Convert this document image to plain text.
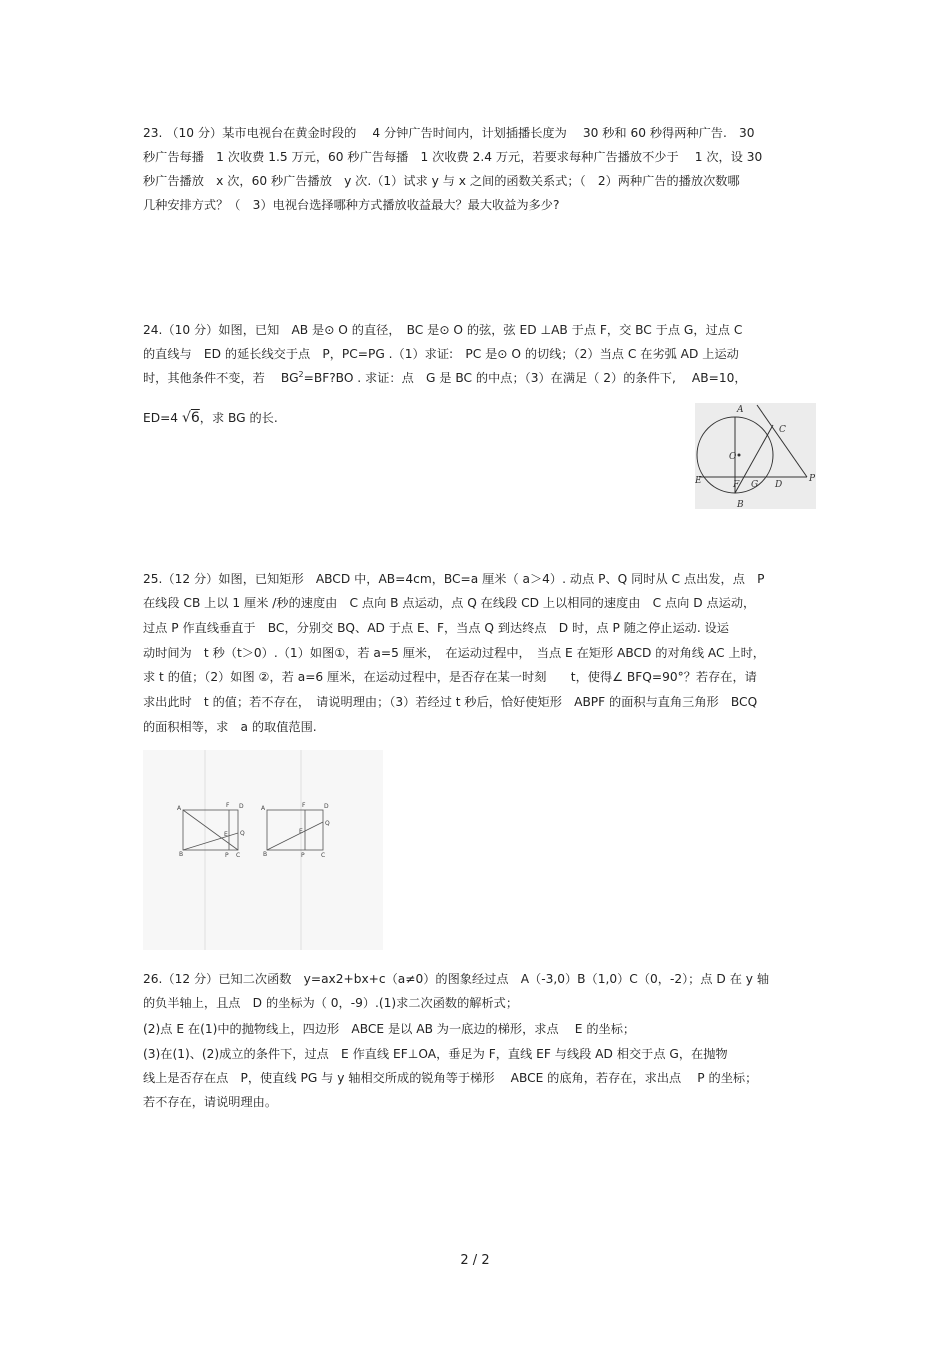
23. （10 分）某市电视台在黄金时段的　 4 分钟广告时间内，计划插播长度为　 30 秒和 60 秒得两种广告.　30
秒广告每播　1 次收费 1.5 万元，60 秒广告每播　1 次收费 2.4 万元，若要求每种广告播放不少于　 1 次，设 30
秒广告播放　x 次，60 秒广告播放　y 次.（1）试求 y 与 x 之间的函数关系式；（　2）两种广告的播放次数哪
几种安排方式？（　3）电视台选择哪种方式播放收益最大？最大收益为多少?
24.（10 分）如图，已知　AB 是⊙ O 的直径，　BC 是⊙ O 的弦，弦 ED ⊥AB 于点 F，交 BC 于点 G，过点 C
的直线与　ED 的延长线交于点　P，PC=PG .（1）求证:　PC 是⊙ O 的切线；（2）当点 C 在劣弧 AD 上运动
时，其他条件不变，若　 $BG^2=BF?BO$ . 求证：点　G 是 BC 的中点；（3）在满足（ 2）的条件下,　 AB=10，
ED=4 √6，求 BG 的长.
A
C
O
E	F G D
P
B
25.（12 分）如图，已知矩形　ABCD 中，AB=4cm，BC=a 厘米（ a＞4）. 动点 P、Q 同时从 C 点出发，点　P
在线段 CB 上以 1 厘米 /秒的速度由　C 点向 B 点运动，点 Q 在线段 CD 上以相同的速度由　C 点向 D 点运动，
过点 P 作直线垂直于　BC，分别交 BQ、AD 于点 E、F，当点 Q 到达终点　D 时，点 P 随之停止运动. 设运
动时间为　t 秒（t＞0）.（1）如图①，若 a=5 厘米，　在运动过程中，　当点 E 在矩形 ABCD 的对角线 AC 上时，
求 t 的值；（2）如图 ②，若 a=6 厘米，在运动过程中，是否存在某一时刻　　t，使得∠ BFQ=90°？若存在，请
求出此时　t 的值；若不存在，　请说明理由；（3）若经过 t 秒后，恰好使矩形　ABPF 的面积与直角三角形　BCQ
的面积相等，求　a 的取值范围.
A	F D
E Q
B	P C
A	F	D
E
Q
B	P	C
26.（12 分）已知二次函数　y=ax2+bx+c（a≠0）的图象经过点　A（-3,0）B（1,0）C（0，-2）；点 D 在 y 轴
的负半轴上，且点　D 的坐标为（ 0，-9）.(1)求二次函数的解析式；
(2)点 E 在(1)中的抛物线上，四边形　ABCE 是以 AB 为一底边的梯形，求点　 E 的坐标；
(3)在(1)、(2)成立的条件下，过点　E 作直线 EF⊥OA，垂足为 F，直线 EF 与线段 AD 相交于点 G，在抛物
线上是否存在点　P，使直线 PG 与 y 轴相交所成的锐角等于梯形　 ABCE 的底角，若存在，求出点　 P 的坐标；
若不存在，请说明理由。
2 / 2
